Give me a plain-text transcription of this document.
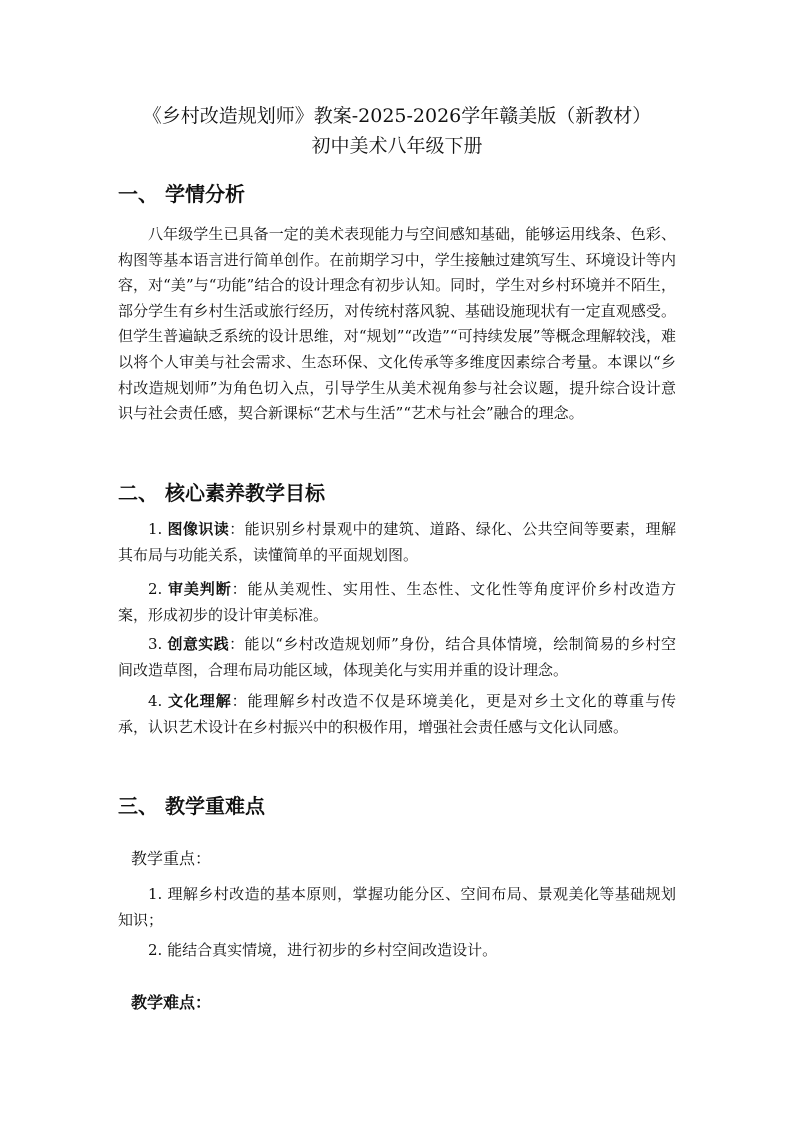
《乡村改造规划师》教案-2025-2026学年赣美版（新教材）
初中美术八年级下册
一、 学情分析
八年级学生已具备一定的美术表现能力与空间感知基础，能够运用线条、色彩、构图等基本语言进行简单创作。在前期学习中，学生接触过建筑写生、环境设计等内容，对“美”与“功能”结合的设计理念有初步认知。同时，学生对乡村环境并不陌生，部分学生有乡村生活或旅行经历，对传统村落风貌、基础设施现状有一定直观感受。但学生普遍缺乏系统的设计思维，对“规划”“改造”“可持续发展”等概念理解较浅，难以将个人审美与社会需求、生态环保、文化传承等多维度因素综合考量。本课以“乡村改造规划师”为角色切入点，引导学生从美术视角参与社会议题，提升综合设计意识与社会责任感，契合新课标“艺术与生活”“艺术与社会”融合的理念。
二、 核心素养教学目标
1. 图像识读：能识别乡村景观中的建筑、道路、绿化、公共空间等要素，理解其布局与功能关系，读懂简单的平面规划图。
2. 审美判断：能从美观性、实用性、生态性、文化性等角度评价乡村改造方案，形成初步的设计审美标准。
3. 创意实践：能以“乡村改造规划师”身份，结合具体情境，绘制简易的乡村空间改造草图，合理布局功能区域，体现美化与实用并重的设计理念。
4. 文化理解：能理解乡村改造不仅是环境美化，更是对乡土文化的尊重与传承，认识艺术设计在乡村振兴中的积极作用，增强社会责任感与文化认同感。
三、 教学重难点
教学重点：
1. 理解乡村改造的基本原则，掌握功能分区、空间布局、景观美化等基础规划知识；
2. 能结合真实情境，进行初步的乡村空间改造设计。
教学难点：
